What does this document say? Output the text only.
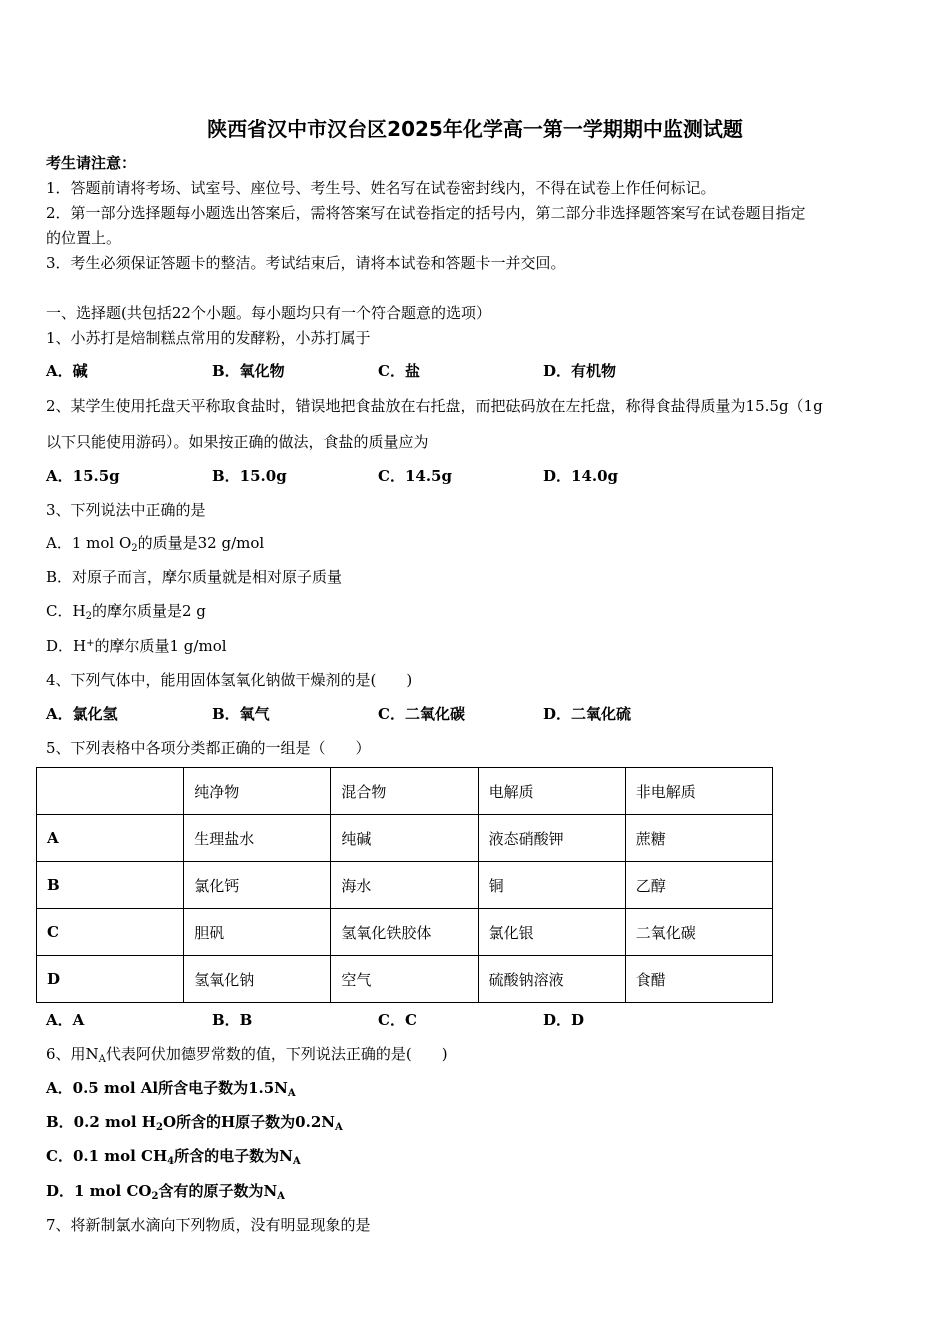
陕西省汉中市汉台区2025年化学高一第一学期期中监测试题
考生请注意：
1．答题前请将考场、试室号、座位号、考生号、姓名写在试卷密封线内，不得在试卷上作任何标记。
2．第一部分选择题每小题选出答案后，需将答案写在试卷指定的括号内，第二部分非选择题答案写在试卷题目指定
的位置上。
3．考生必须保证答题卡的整洁。考试结束后，请将本试卷和答题卡一并交回。
一、选择题(共包括22个小题。每小题均只有一个符合题意的选项）
1、小苏打是焙制糕点常用的发酵粉，小苏打属于
A．碱	B．氧化物	C．盐	D．有机物
2、某学生使用托盘天平称取食盐时，错误地把食盐放在右托盘，而把砝码放在左托盘，称得食盐得质量为15.5g（1g
以下只能使用游码）。如果按正确的做法，食盐的质量应为
A．15.5g	B．15.0g	C．14.5g	D．14.0g
3、下列说法中正确的是
A．1 mol $O_2$的质量是32 g/mol
B．对原子而言，摩尔质量就是相对原子质量
C．$H_2$的摩尔质量是2 g
D．H+的摩尔质量1 g/mol
4、下列气体中，能用固体氢氧化钠做干燥剂的是(　　)
A．氯化氢	B．氧气	C．二氧化碳	D．二氧化硫
5、下列表格中各项分类都正确的一组是（　　）
	纯净物	混合物	电解质	非电解质
A	生理盐水	纯碱	液态硝酸钾	蔗糖
B	氯化钙	海水	铜	乙醇
C	胆矾	氢氧化铁胶体	氯化银	二氧化碳
D	氢氧化钠	空气	硫酸钠溶液	食醋
A．A	B．B	C．C	D．D
6、用$N_A$代表阿伏加德罗常数的值，下列说法正确的是(　　)
A．0.5 mol Al所含电子数为$1.5N_A$
B．0.2 mol $H_2O$所含的H原子数为$0.2N_A$
C．0.1 mol $CH_4$所含的电子数为$N_A$
D．1 mol $CO_2$含有的原子数为$N_A$
7、将新制氯水滴向下列物质，没有明显现象的是
